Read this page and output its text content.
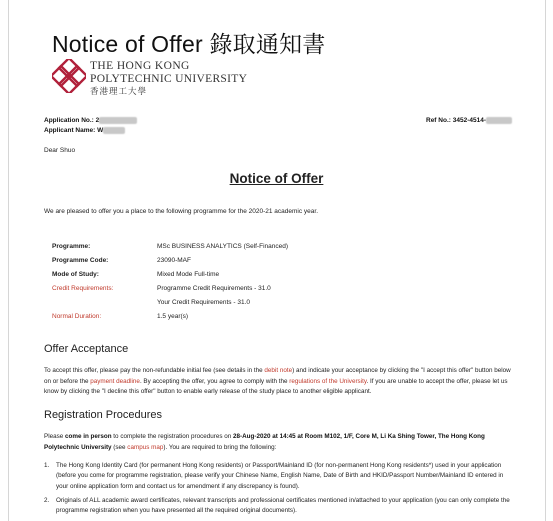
Notice of Offer 錄取通知書
THE HONG KONG
POLYTECHNIC UNIVERSITY
香港理工大學
Application No.: 2
Applicant Name: W
Ref No.: 3452-4514-
Dear Shuo
Notice of Offer
We are pleased to offer you a place to the following programme for the 2020-21 academic year.
Programme:	MSc BUSINESS ANALYTICS (Self-Financed)
Programme Code:	23090-MAF
Mode of Study:	Mixed Mode Full-time
Credit Requirements:	Programme Credit Requirements - 31.0
Your Credit Requirements - 31.0
Normal Duration:	1.5 year(s)
Offer Acceptance
To accept this offer, please pay the non-refundable initial fee (see details in the debit note) and indicate your acceptance by clicking the "I accept this offer" button below on or before the payment deadline. By accepting the offer, you agree to comply with the regulations of the University. If you are unable to accept the offer, please let us know by clicking the "I decline this offer" button to enable early release of the study place to another eligible applicant.
Registration Procedures
Please come in person to complete the registration procedures on 28-Aug-2020 at 14:45 at Room M102, 1/F, Core M, Li Ka Shing Tower, The Hong Kong Polytechnic University (see campus map). You are required to bring the following:
1. The Hong Kong Identity Card (for permanent Hong Kong residents) or Passport/Mainland ID (for non-permanent Hong Kong residents*) used in your application (before you come for programme registration, please verify your Chinese Name, English Name, Date of Birth and HKID/Passport Number/Mainland ID entered in your online application form and contact us for amendment if any discrepancy is found).
2. Originals of ALL academic award certificates, relevant transcripts and professional certificates mentioned in/attached to your application (you can only complete the programme registration when you have presented all the required original documents).
